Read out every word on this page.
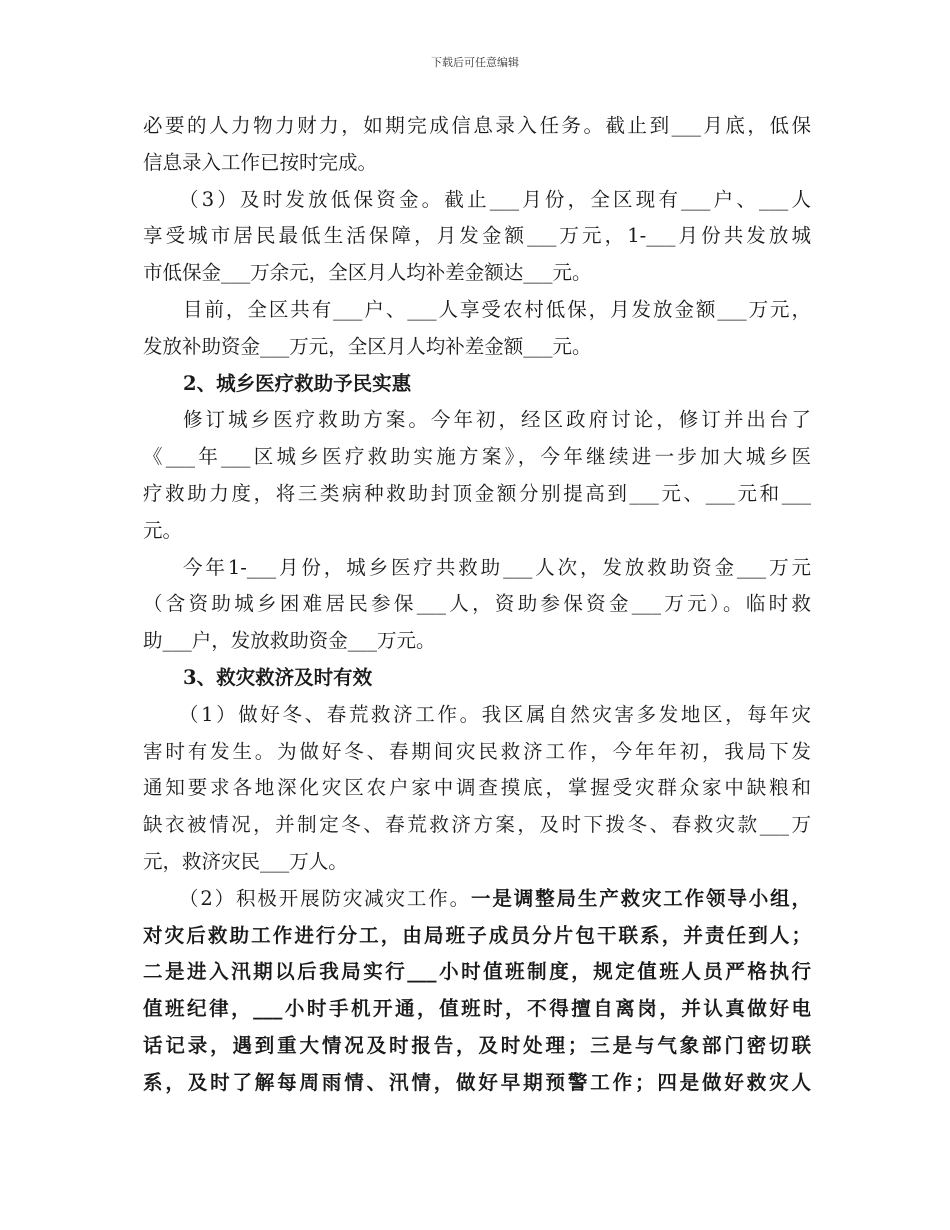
下载后可任意编辑
必要的人力物力财力，如期完成信息录入任务。截止到___月底，低保
信息录入工作已按时完成。
（3）及时发放低保资金。截止___月份，全区现有___户、___人
享受城市居民最低生活保障，月发金额___万元，1-___月份共发放城
市低保金___万余元，全区月人均补差金额达___元。
目前，全区共有___户、___人享受农村低保，月发放金额___万元，
发放补助资金___万元，全区月人均补差金额___元。
2、城乡医疗救助予民实惠
修订城乡医疗救助方案。今年初，经区政府讨论，修订并出台了
《___年___区城乡医疗救助实施方案》，今年继续进一步加大城乡医
疗救助力度，将三类病种救助封顶金额分别提高到___元、___元和___
元。
今年1-___月份，城乡医疗共救助___人次，发放救助资金___万元
（含资助城乡困难居民参保___人，资助参保资金___万元）。临时救
助___户，发放救助资金___万元。
3、救灾救济及时有效
（1）做好冬、春荒救济工作。我区属自然灾害多发地区，每年灾
害时有发生。为做好冬、春期间灾民救济工作，今年年初，我局下发
通知要求各地深化灾区农户家中调查摸底，掌握受灾群众家中缺粮和
缺衣被情况，并制定冬、春荒救济方案，及时下拨冬、春救灾款___万
元，救济灾民___万人。
（2）积极开展防灾减灾工作。一是调整局生产救灾工作领导小组，
对灾后救助工作进行分工，由局班子成员分片包干联系，并责任到人；
二是进入汛期以后我局实行___小时值班制度，规定值班人员严格执行
值班纪律，___小时手机开通，值班时，不得擅自离岗，并认真做好电
话记录，遇到重大情况及时报告，及时处理；三是与气象部门密切联
系，及时了解每周雨情、汛情，做好早期预警工作；四是做好救灾人
